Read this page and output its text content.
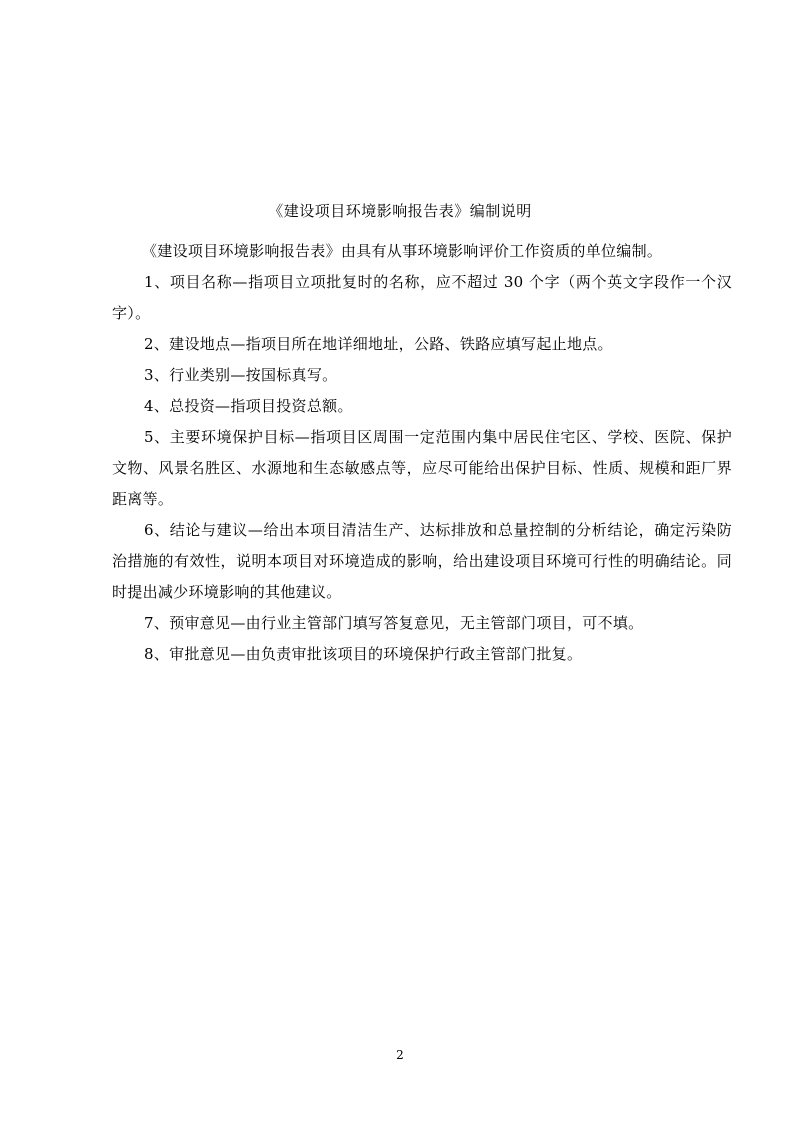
《建设项目环境影响报告表》编制说明

《建设项目环境影响报告表》由具有从事环境影响评价工作资质的单位编制。

1、项目名称—指项目立项批复时的名称，应不超过 30 个字（两个英文字段作一个汉字）。

2、建设地点—指项目所在地详细地址，公路、铁路应填写起止地点。

3、行业类别—按国标真写。

4、总投资—指项目投资总额。

5、主要环境保护目标—指项目区周围一定范围内集中居民住宅区、学校、医院、保护文物、风景名胜区、水源地和生态敏感点等，应尽可能给出保护目标、性质、规模和距厂界距离等。

6、结论与建议—给出本项目清洁生产、达标排放和总量控制的分析结论，确定污染防治措施的有效性，说明本项目对环境造成的影响，给出建设项目环境可行性的明确结论。同时提出减少环境影响的其他建议。

7、预审意见—由行业主管部门填写答复意见，无主管部门项目，可不填。

8、审批意见—由负责审批该项目的环境保护行政主管部门批复。

2
